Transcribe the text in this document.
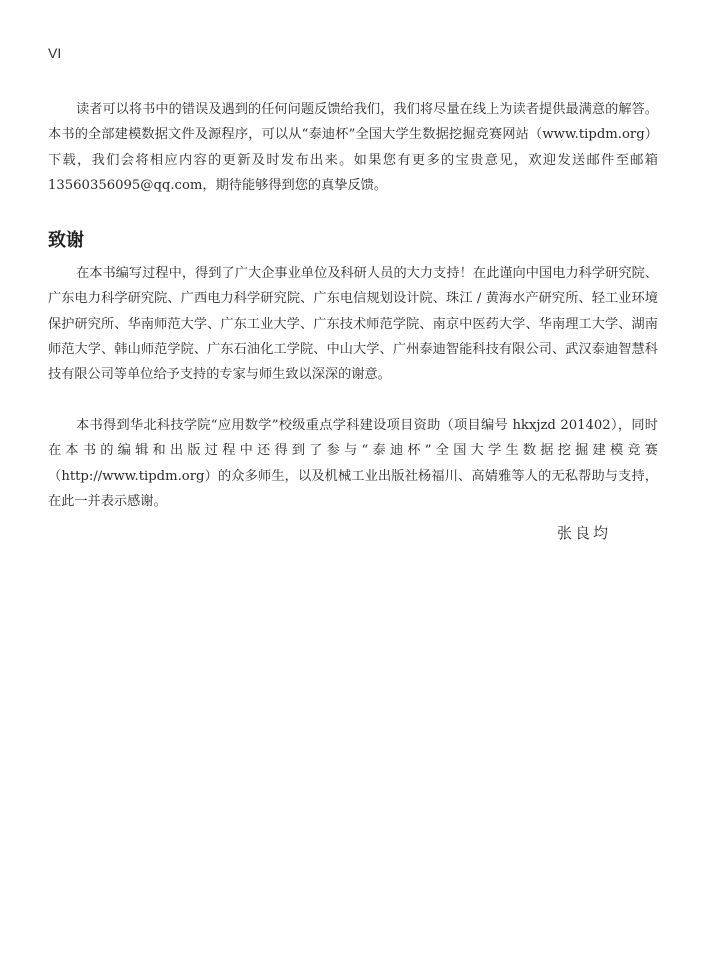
VI

读者可以将书中的错误及遇到的任何问题反馈给我们，我们将尽量在线上为读者提供最满意的解答。本书的全部建模数据文件及源程序，可以从“泰迪杯”全国大学生数据挖掘竞赛网站（www.tipdm.org）下载，我们会将相应内容的更新及时发布出来。如果您有更多的宝贵意见，欢迎发送邮件至邮箱 13560356095@qq.com，期待能够得到您的真挚反馈。

致谢

在本书编写过程中，得到了广大企事业单位及科研人员的大力支持！在此谨向中国电力科学研究院、广东电力科学研究院、广西电力科学研究院、广东电信规划设计院、珠江 / 黄海水产研究所、轻工业环境保护研究所、华南师范大学、广东工业大学、广东技术师范学院、南京中医药大学、华南理工大学、湖南师范大学、韩山师范学院、广东石油化工学院、中山大学、广州泰迪智能科技有限公司、武汉泰迪智慧科技有限公司等单位给予支持的专家与师生致以深深的谢意。

本书得到华北科技学院“应用数学”校级重点学科建设项目资助（项目编号 hkxjzd 201402），同时在本书的编辑和出版过程中还得到了参与“泰迪杯”全国大学生数据挖掘建模竞赛（http://www.tipdm.org）的众多师生，以及机械工业出版社杨福川、高婧雅等人的无私帮助与支持，在此一并表示感谢。

张良均
